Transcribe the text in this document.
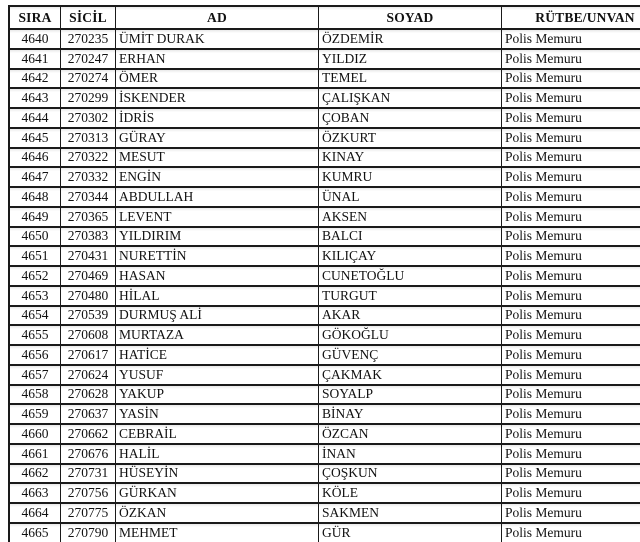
SIRA	SİCİL	AD	SOYAD	RÜTBE/UNVAN
4640	270235	ÜMİT DURAK	ÖZDEMİR	Polis Memuru
4641	270247	ERHAN	YILDIZ	Polis Memuru
4642	270274	ÖMER	TEMEL	Polis Memuru
4643	270299	İSKENDER	ÇALIŞKAN	Polis Memuru
4644	270302	İDRİS	ÇOBAN	Polis Memuru
4645	270313	GÜRAY	ÖZKURT	Polis Memuru
4646	270322	MESUT	KINAY	Polis Memuru
4647	270332	ENGİN	KUMRU	Polis Memuru
4648	270344	ABDULLAH	ÜNAL	Polis Memuru
4649	270365	LEVENT	AKSEN	Polis Memuru
4650	270383	YILDIRIM	BALCI	Polis Memuru
4651	270431	NURETTİN	KILIÇAY	Polis Memuru
4652	270469	HASAN	CUNETOĞLU	Polis Memuru
4653	270480	HİLAL	TURGUT	Polis Memuru
4654	270539	DURMUŞ ALİ	AKAR	Polis Memuru
4655	270608	MURTAZA	GÖKOĞLU	Polis Memuru
4656	270617	HATİCE	GÜVENÇ	Polis Memuru
4657	270624	YUSUF	ÇAKMAK	Polis Memuru
4658	270628	YAKUP	SOYALP	Polis Memuru
4659	270637	YASİN	BİNAY	Polis Memuru
4660	270662	CEBRAİL	ÖZCAN	Polis Memuru
4661	270676	HALİL	İNAN	Polis Memuru
4662	270731	HÜSEYİN	ÇOŞKUN	Polis Memuru
4663	270756	GÜRKAN	KÖLE	Polis Memuru
4664	270775	ÖZKAN	SAKMEN	Polis Memuru
4665	270790	MEHMET	GÜR	Polis Memuru
